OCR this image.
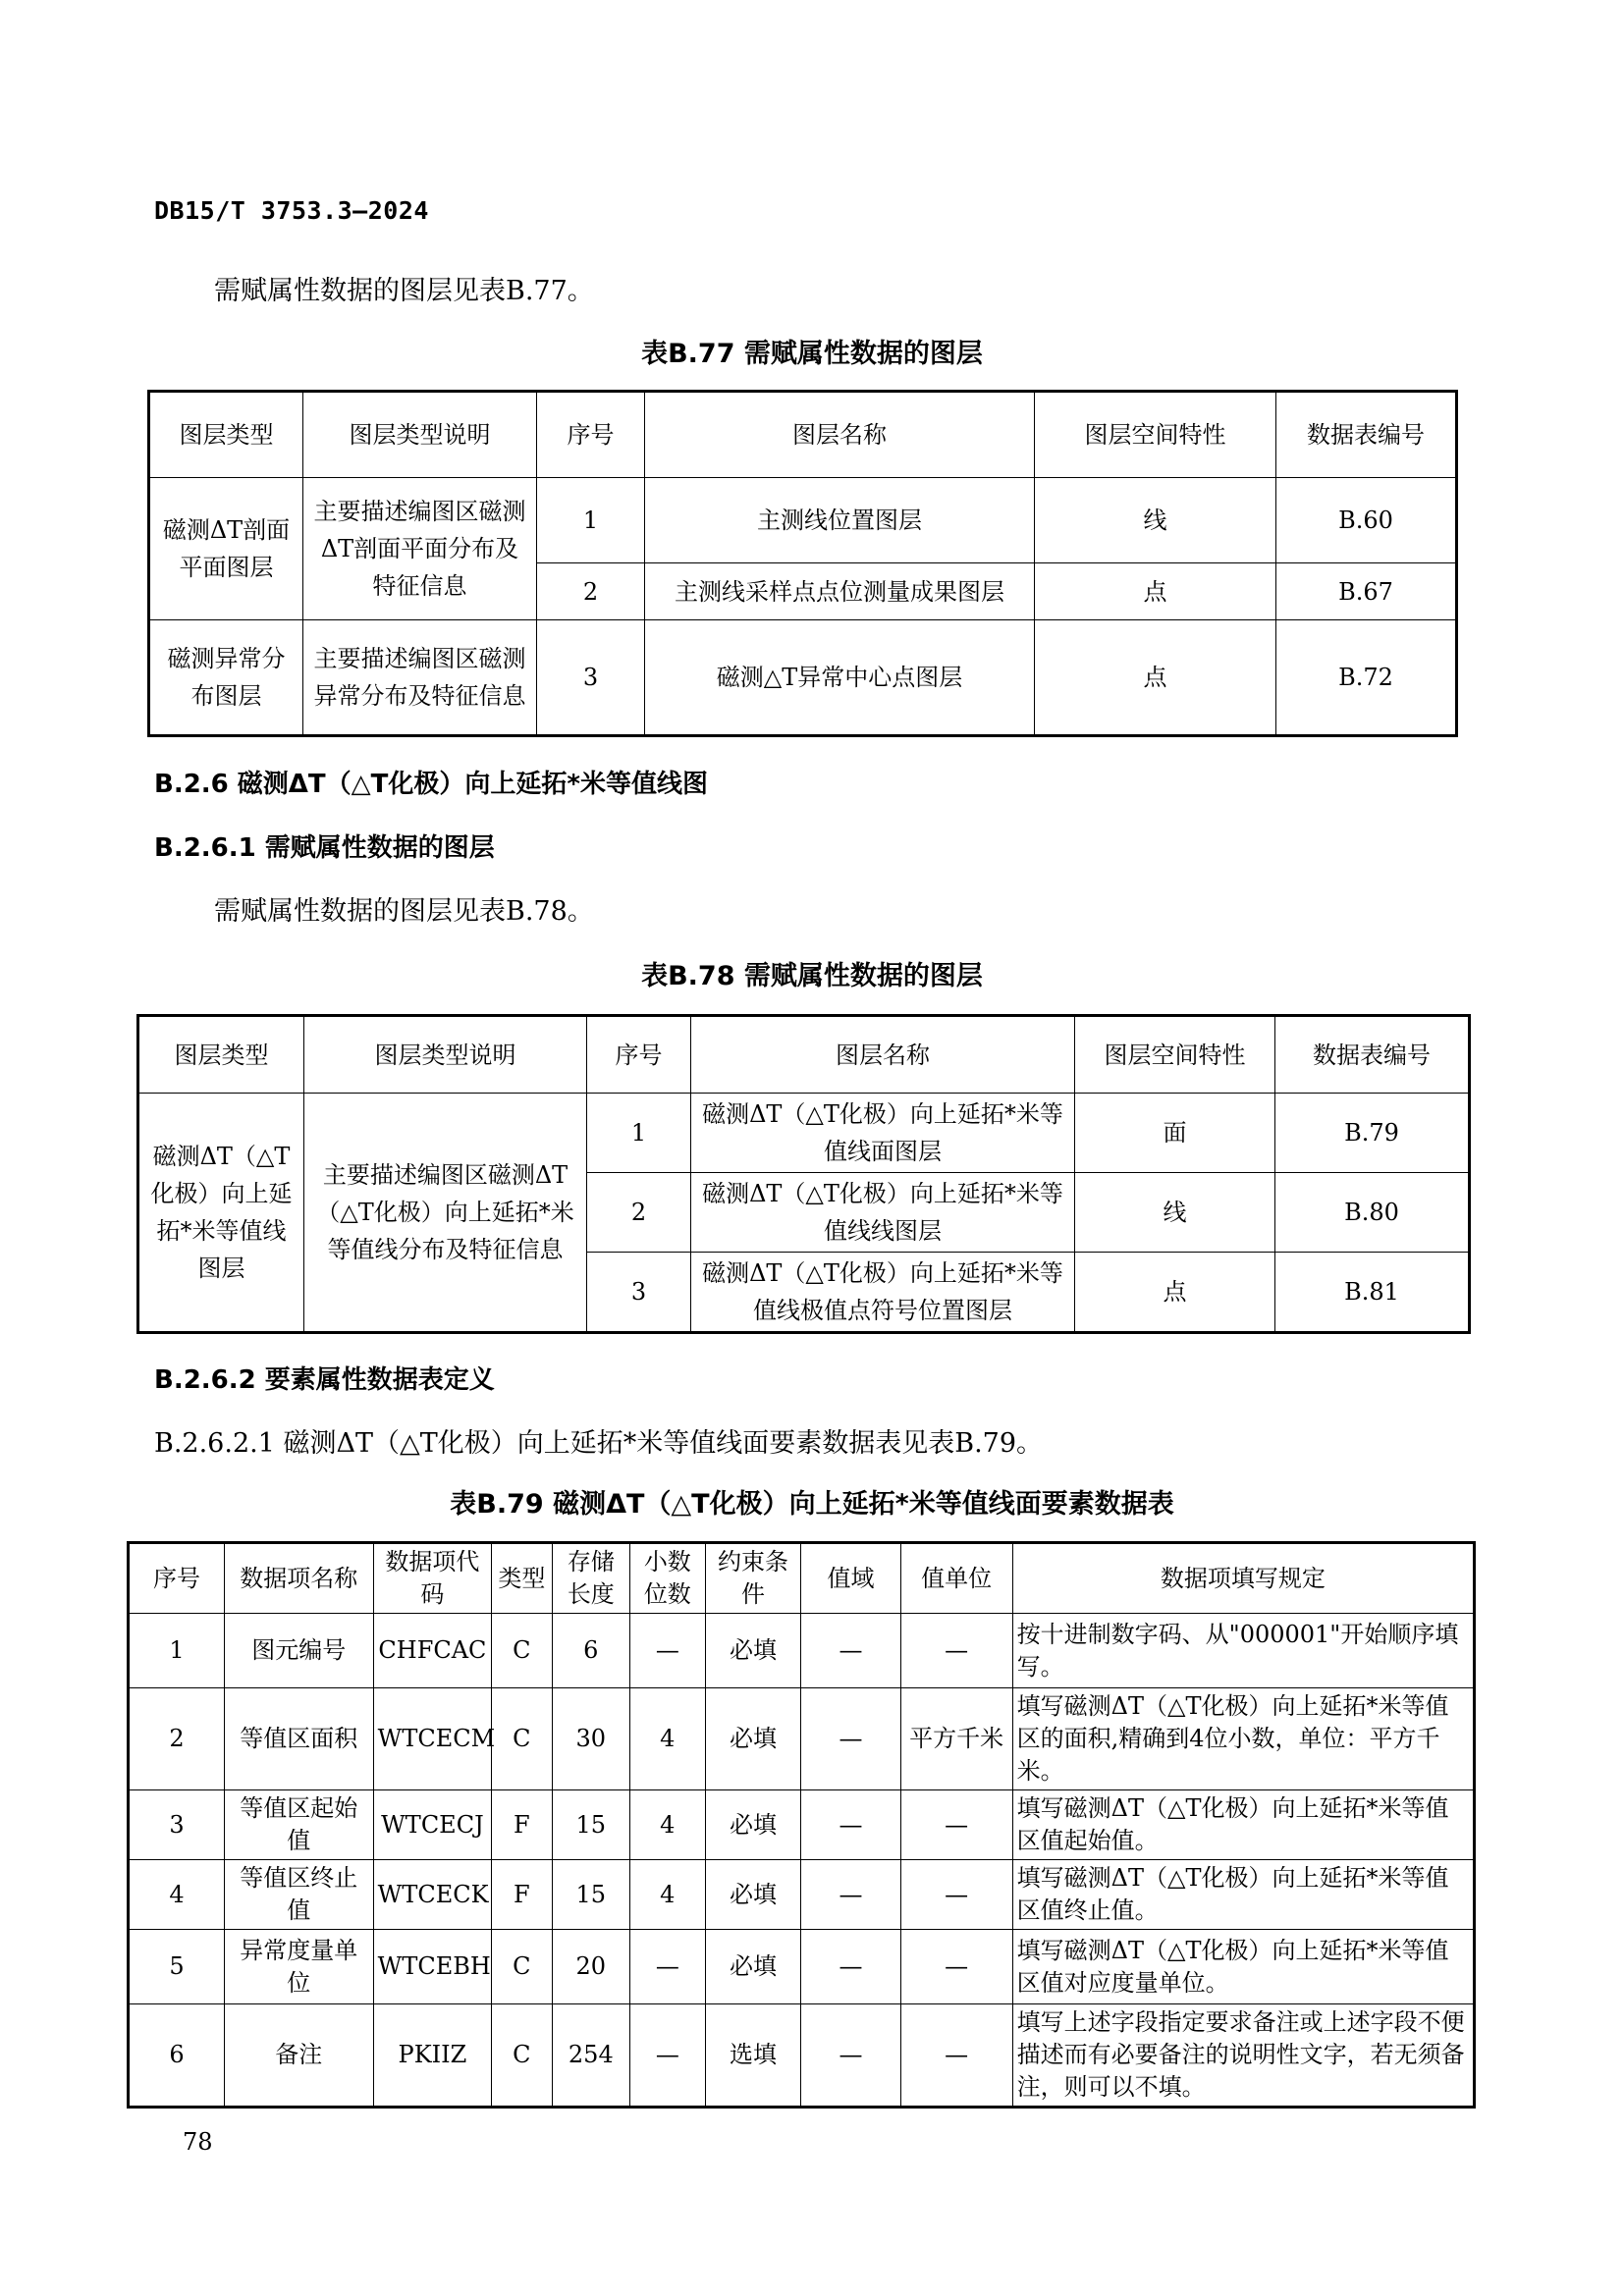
DB15/T 3753.3—2024
需赋属性数据的图层见表B.77。
表B.77 需赋属性数据的图层
图层类型	图层类型说明	序号	图层名称	图层空间特性	数据表编号
磁测ΔT剖面平面图层	主要描述编图区磁测ΔT剖面平面分布及特征信息	1	主测线位置图层	线	B.60
		2	主测线采样点点位测量成果图层	点	B.67
磁测异常分布图层	主要描述编图区磁测异常分布及特征信息	3	磁测△T异常中心点图层	点	B.72
B.2.6 磁测ΔT（△T化极）向上延拓*米等值线图
B.2.6.1 需赋属性数据的图层
需赋属性数据的图层见表B.78。
表B.78 需赋属性数据的图层
图层类型	图层类型说明	序号	图层名称	图层空间特性	数据表编号
磁测ΔT（△T化极）向上延拓*米等值线图层	主要描述编图区磁测ΔT（△T化极）向上延拓*米等值线分布及特征信息	1	磁测ΔT（△T化极）向上延拓*米等值线面图层	面	B.79
		2	磁测ΔT（△T化极）向上延拓*米等值线线图层	线	B.80
		3	磁测ΔT（△T化极）向上延拓*米等值线极值点符号位置图层	点	B.81
B.2.6.2 要素属性数据表定义
B.2.6.2.1 磁测ΔT（△T化极）向上延拓*米等值线面要素数据表见表B.79。
表B.79 磁测ΔT（△T化极）向上延拓*米等值线面要素数据表
序号	数据项名称	数据项代码	类型	存储长度	小数位数	约束条件	值域	值单位	数据项填写规定
1	图元编号	CHFCAC	C	6	—	必填	—	—	按十进制数字码、从"000001"开始顺序填写。
2	等值区面积	WTCECM	C	30	4	必填	—	平方千米	填写磁测ΔT（△T化极）向上延拓*米等值区的面积,精确到4位小数，单位：平方千米。
3	等值区起始值	WTCECJ	F	15	4	必填	—	—	填写磁测ΔT（△T化极）向上延拓*米等值区值起始值。
4	等值区终止值	WTCECK	F	15	4	必填	—	—	填写磁测ΔT（△T化极）向上延拓*米等值区值终止值。
5	异常度量单位	WTCEBH	C	20	—	必填	—	—	填写磁测ΔT（△T化极）向上延拓*米等值区值对应度量单位。
6	备注	PKIIZ	C	254	—	选填	—	—	填写上述字段指定要求备注或上述字段不便描述而有必要备注的说明性文字，若无须备注，则可以不填。
78
